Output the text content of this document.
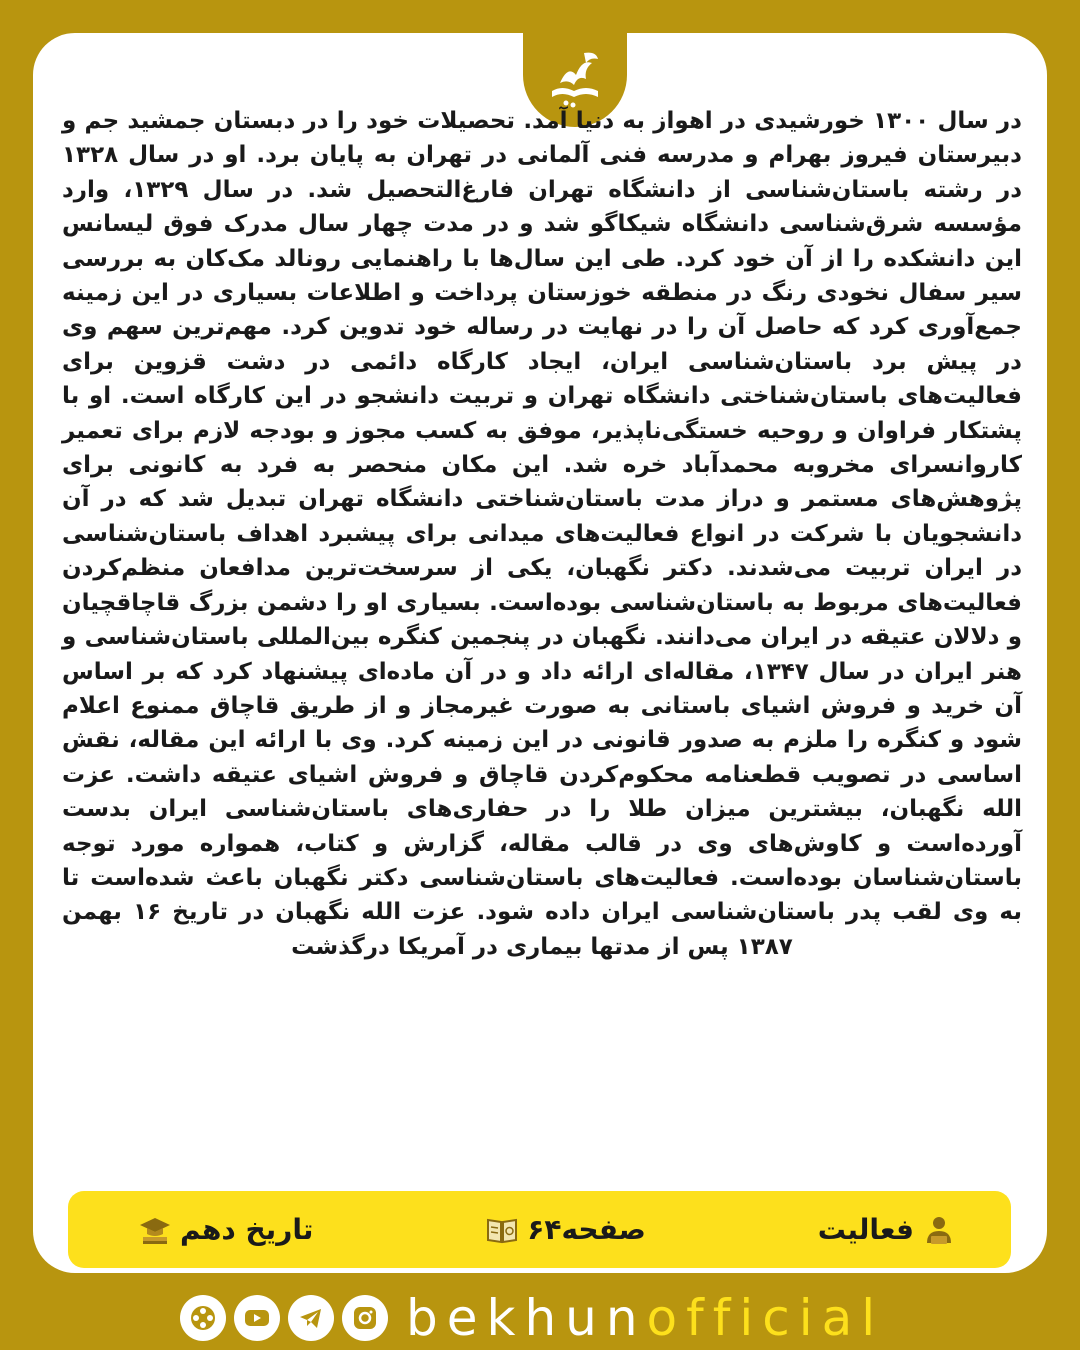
در سال ۱۳۰۰ خورشیدی در اهواز به دنیا آمد. تحصیلات خود را در دبستان جمشید جم و دبیرستان فیروز بهرام و مدرسه فنی آلمانی در تهران به پایان برد. او در سال ۱۳۲۸ در رشته باستان‌شناسی از دانشگاه تهران فارغ‌التحصیل شد. در سال ۱۳۲۹، وارد مؤسسه شرق‌شناسی دانشگاه شیکاگو شد و در مدت چهار سال مدرک فوق لیسانس این دانشکده را از آن خود کرد. طی این سال‌ها با راهنمایی رونالد مک‌کان به بررسی سیر سفال نخودی رنگ در منطقه خوزستان پرداخت و اطلاعات بسیاری در این زمینه جمع‌آوری کرد که حاصل آن را در نهایت در رساله خود تدوین کرد. مهم‌ترین سهم وی در پیش برد باستان‌شناسی ایران، ایجاد کارگاه دائمی در دشت قزوین برای فعالیت‌های باستان‌شناختی دانشگاه تهران و تربیت دانشجو در این کارگاه است. او با پشتکار فراوان و روحیه خستگی‌ناپذیر، موفق به کسب مجوز و بودجه لازم برای تعمیر کاروانسرای مخروبه محمدآباد خره شد. این مکان منحصر به فرد به کانونی برای پژوهش‌های مستمر و دراز مدت باستان‌شناختی دانشگاه تهران تبدیل شد که در آن دانشجویان با شرکت در انواع فعالیت‌های میدانی برای پیشبرد اهداف باستان‌شناسی در ایران تربیت می‌شدند. دکتر نگهبان، یکی از سرسخت‌ترین مدافعان منظم‌کردن فعالیت‌های مربوط به باستان‌شناسی بوده‌است. بسیاری او را دشمن بزرگ قاچاقچیان و دلالان عتیقه در ایران می‌دانند. نگهبان در پنجمین کنگره بین‌المللی باستان‌شناسی و هنر ایران در سال ۱۳۴۷، مقاله‌ای ارائه داد و در آن ماده‌ای پیشنهاد کرد که بر اساس آن خرید و فروش اشیای باستانی به صورت غیرمجاز و از طریق قاچاق ممنوع اعلام شود و کنگره را ملزم به صدور قانونی در این زمینه کرد. وی با ارائه این مقاله، نقش اساسی در تصویب قطعنامه محکوم‌کردن قاچاق و فروش اشیای عتیقه داشت. عزت الله نگهبان، بیشترین میزان طلا را در حفاری‌های باستان‌شناسی ایران بدست آورده‌است و کاوش‌های وی در قالب مقاله، گزارش و کتاب، همواره مورد توجه باستان‌شناسان بوده‌است. فعالیت‌های باستان‌شناسی دکتر نگهبان باعث شده‌است تا به وی لقب پدر باستان‌شناسی ایران داده شود. عزت الله نگهبان در تاریخ ۱۶ بهمن ۱۳۸۷ پس از مدتها بیماری در آمریکا درگذشت

فعالیت
صفحه۶۴
تاریخ دهم
bekhunofficial
